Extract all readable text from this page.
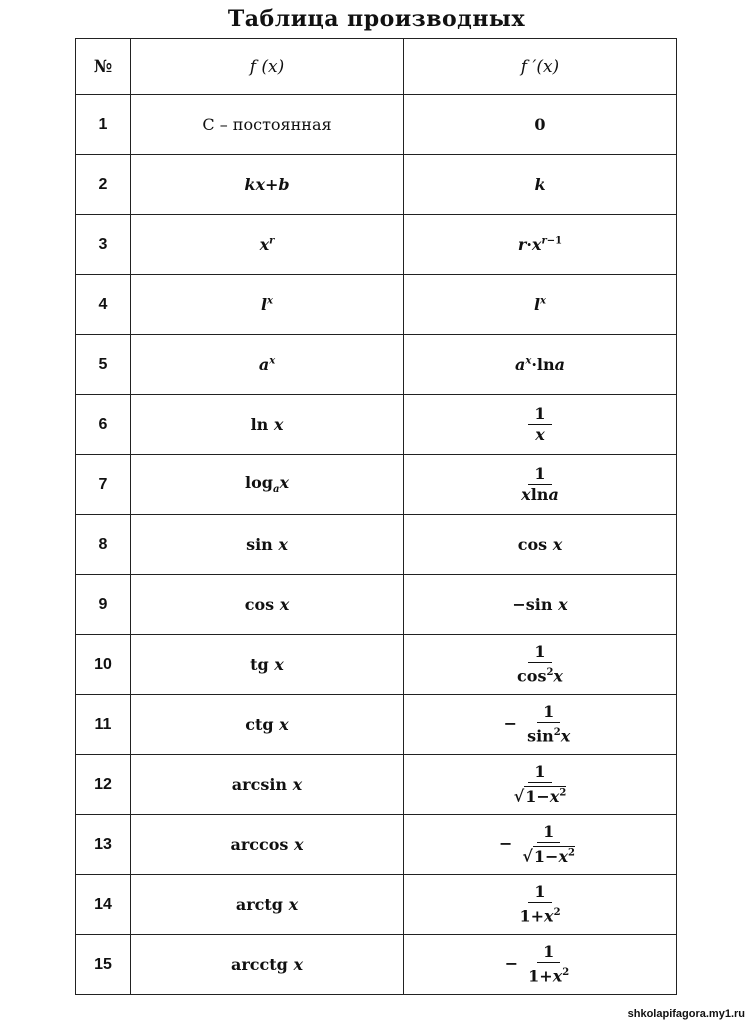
Таблица производных
№	f (x)	f ′(x)
1	C – постоянная	0
2	kx+b	k
3	$x^r$	$r\cdot x^{r-1}$
4	$l^x$	$l^x$
5	$a^x$	$a^x\cdot\ln a$
6	ln x	$\frac{1}{x}$

7	$\log_ax$	$\frac{1}{xlna}$

8	sin x	cos x
9	cos x	−sin x
10	tg x	$\frac{1}{\cos^2x}$

11	ctg x	− $\frac{1}{\sin^2x}$

12	arcsin x	$\frac{1}{√1-x^2}$

13	arccos x	− $\frac{1}{√1-x^2}$

14	arctg x	$\frac{1}{1+x^2}$

15	arcctg x	− $\frac{1}{1+x^2}$
shkolapifagora.my1.ru
